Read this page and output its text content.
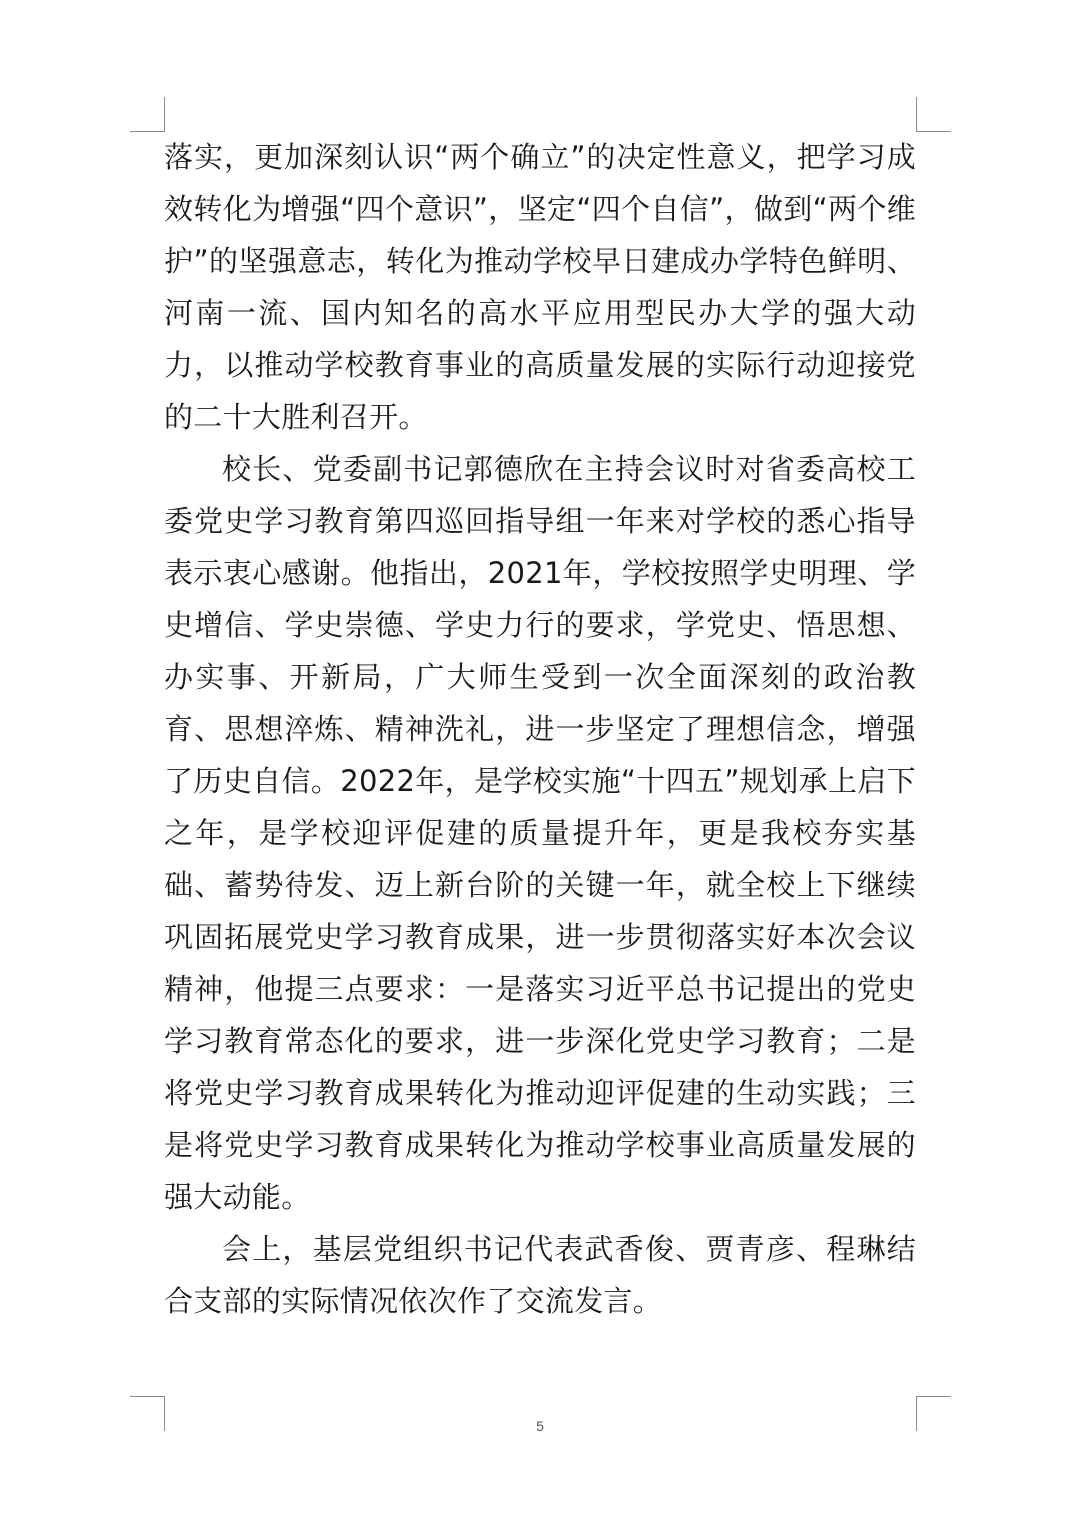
落实，更加深刻认识“两个确立”的决定性意义，把学习成效转化为增强“四个意识”，坚定“四个自信”，做到“两个维护”的坚强意志，转化为推动学校早日建成办学特色鲜明、河南一流、国内知名的高水平应用型民办大学的强大动力，以推动学校教育事业的高质量发展的实际行动迎接党的二十大胜利召开。

校长、党委副书记郭德欣在主持会议时对省委高校工委党史学习教育第四巡回指导组一年来对学校的悉心指导表示衷心感谢。他指出，2021年，学校按照学史明理、学史增信、学史崇德、学史力行的要求，学党史、悟思想、办实事、开新局，广大师生受到一次全面深刻的政治教育、思想淬炼、精神洗礼，进一步坚定了理想信念，增强了历史自信。2022年，是学校实施“十四五”规划承上启下之年，是学校迎评促建的质量提升年，更是我校夯实基础、蓄势待发、迈上新台阶的关键一年，就全校上下继续巩固拓展党史学习教育成果，进一步贯彻落实好本次会议精神，他提三点要求：一是落实习近平总书记提出的党史学习教育常态化的要求，进一步深化党史学习教育；二是将党史学习教育成果转化为推动迎评促建的生动实践；三是将党史学习教育成果转化为推动学校事业高质量发展的强大动能。

会上，基层党组织书记代表武香俊、贾青彦、程琳结合支部的实际情况依次作了交流发言。

5
